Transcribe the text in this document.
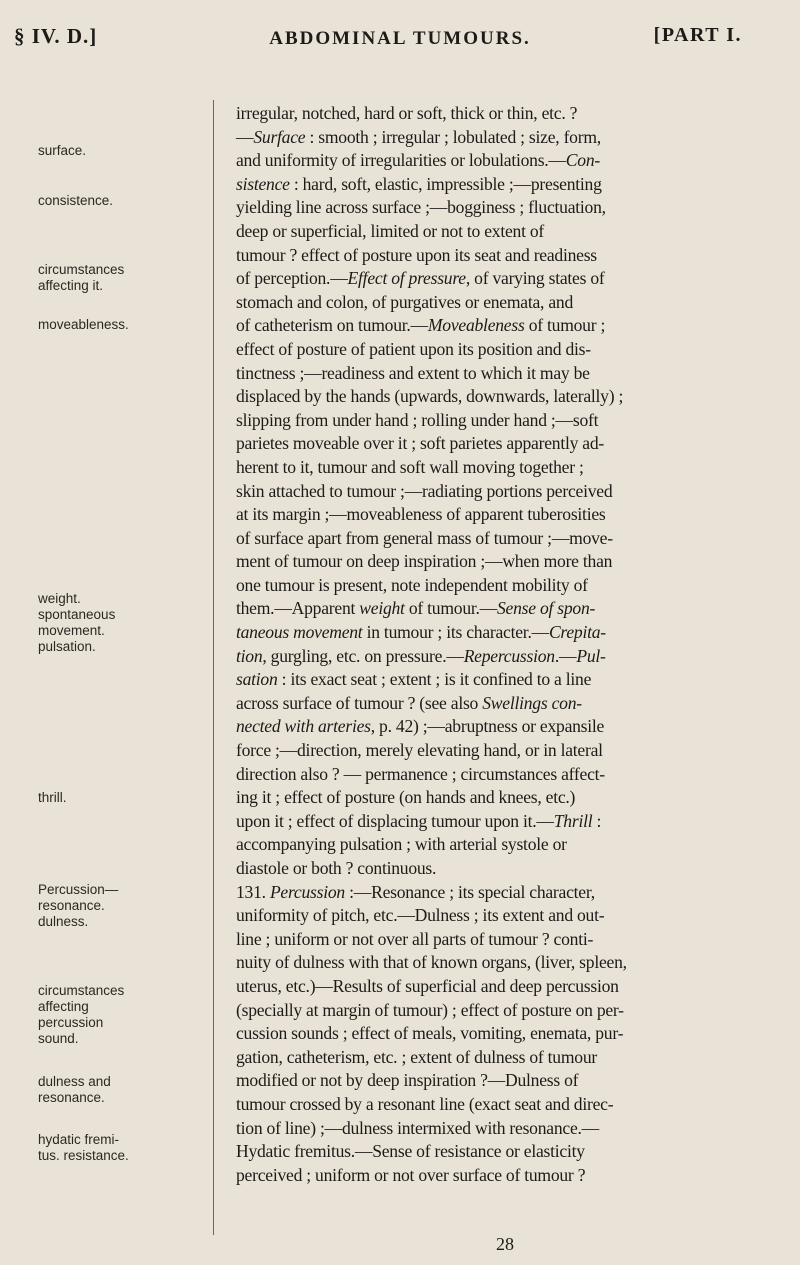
§ IV. D.]	ABDOMINAL TUMOURS.	[PART I.
surface.
consistence.
circumstances affecting it.
moveableness.
weight. spontaneous movement. pulsation.
thrill.
Percussion— resonance. dulness.
circumstances affecting percussion sound.
dulness and resonance.
hydatic fremi- tus. resistance.
irregular, notched, hard or soft, thick or thin, etc. ?
—Surface : smooth ; irregular ; lobulated ; size, form,
and uniformity of irregularities or lobulations.—Con-
sistence : hard, soft, elastic, impressible ;—presenting
yielding line across surface ;—bogginess ; fluctuation,
deep or superficial, limited or not to extent of
tumour ? effect of posture upon its seat and readiness
of perception.—Effect of pressure, of varying states of
stomach and colon, of purgatives or enemata, and
of catheterism on tumour.—Moveableness of tumour ;
effect of posture of patient upon its position and dis-
tinctness ;—readiness and extent to which it may be
displaced by the hands (upwards, downwards, laterally) ;
slipping from under hand ; rolling under hand ;—soft
parietes moveable over it ; soft parietes apparently ad-
herent to it, tumour and soft wall moving together ;
skin attached to tumour ;—radiating portions perceived
at its margin ;—moveableness of apparent tuberosities
of surface apart from general mass of tumour ;—move-
ment of tumour on deep inspiration ;—when more than
one tumour is present, note independent mobility of
them.—Apparent weight of tumour.—Sense of spon-
taneous movement in tumour ; its character.—Crepita-
tion, gurgling, etc. on pressure.—Repercussion.—Pul-
sation : its exact seat ; extent ; is it confined to a line
across surface of tumour ? (see also Swellings con-
nected with arteries, p. 42) ;—abruptness or expansile
force ;—direction, merely elevating hand, or in lateral
direction also ? — permanence ; circumstances affect-
ing it ; effect of posture (on hands and knees, etc.)
upon it ; effect of displacing tumour upon it.—Thrill :
accompanying pulsation ; with arterial systole or
diastole or both ? continuous.
131. Percussion :—Resonance ; its special character,
uniformity of pitch, etc.—Dulness ; its extent and out-
line ; uniform or not over all parts of tumour ? conti-
nuity of dulness with that of known organs, (liver, spleen,
uterus, etc.)—Results of superficial and deep percussion
(specially at margin of tumour) ; effect of posture on per-
cussion sounds ; effect of meals, vomiting, enemata, pur-
gation, catheterism, etc. ; extent of dulness of tumour
modified or not by deep inspiration ?—Dulness of
tumour crossed by a resonant line (exact seat and direc-
tion of line) ;—dulness intermixed with resonance.—
Hydatic fremitus.—Sense of resistance or elasticity
perceived ; uniform or not over surface of tumour ?
28
